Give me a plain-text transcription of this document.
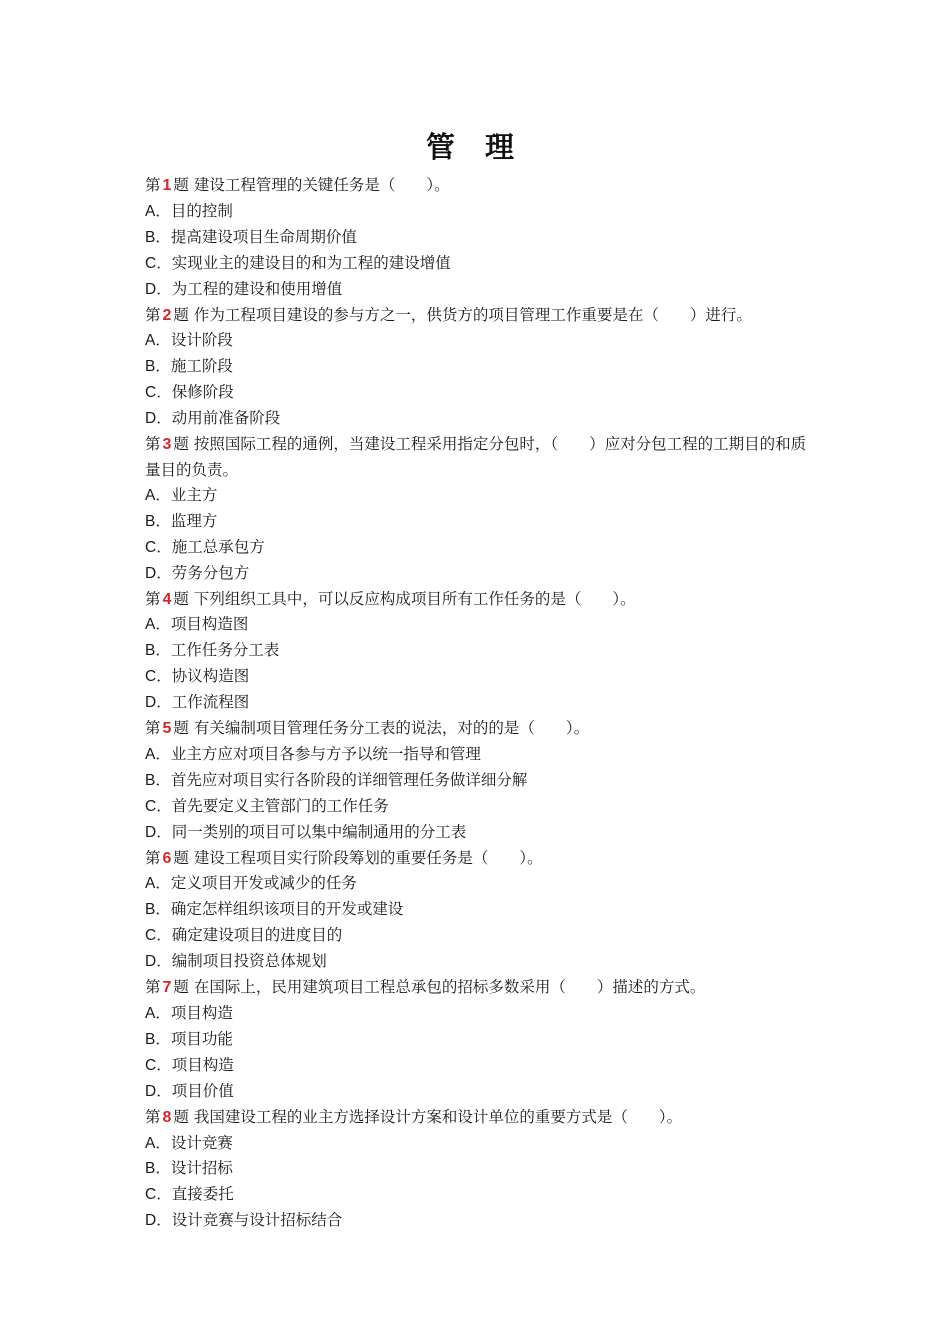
管 理
第 1 题 建设工程管理的关键任务是（　　）。
A．目的控制
B．提高建设项目生命周期价值
C．实现业主的建设目的和为工程的建设增值
D．为工程的建设和使用增值
第 2 题 作为工程项目建设的参与方之一，供货方的项目管理工作重要是在（　　）进行。
A．设计阶段
B．施工阶段
C．保修阶段
D．动用前准备阶段
第 3 题 按照国际工程的通例，当建设工程采用指定分包时，（　　）应对分包工程的工期目的和质量目的负责。
A．业主方
B．监理方
C．施工总承包方
D．劳务分包方
第 4 题 下列组织工具中，可以反应构成项目所有工作任务的是（　　）。
A．项目构造图
B．工作任务分工表
C．协议构造图
D．工作流程图
第 5 题 有关编制项目管理任务分工表的说法，对的的是（　　）。
A．业主方应对项目各参与方予以统一指导和管理
B．首先应对项目实行各阶段的详细管理任务做详细分解
C．首先要定义主管部门的工作任务
D．同一类别的项目可以集中编制通用的分工表
第 6 题 建设工程项目实行阶段筹划的重要任务是（　　）。
A．定义项目开发或减少的任务
B．确定怎样组织该项目的开发或建设
C．确定建设项目的进度目的
D．编制项目投资总体规划
第 7 题 在国际上，民用建筑项目工程总承包的招标多数采用（　　）描述的方式。
A．项目构造
B．项目功能
C．项目构造
D．项目价值
第 8 题 我国建设工程的业主方选择设计方案和设计单位的重要方式是（　　）。
A．设计竞赛
B．设计招标
C．直接委托
D．设计竞赛与设计招标结合
